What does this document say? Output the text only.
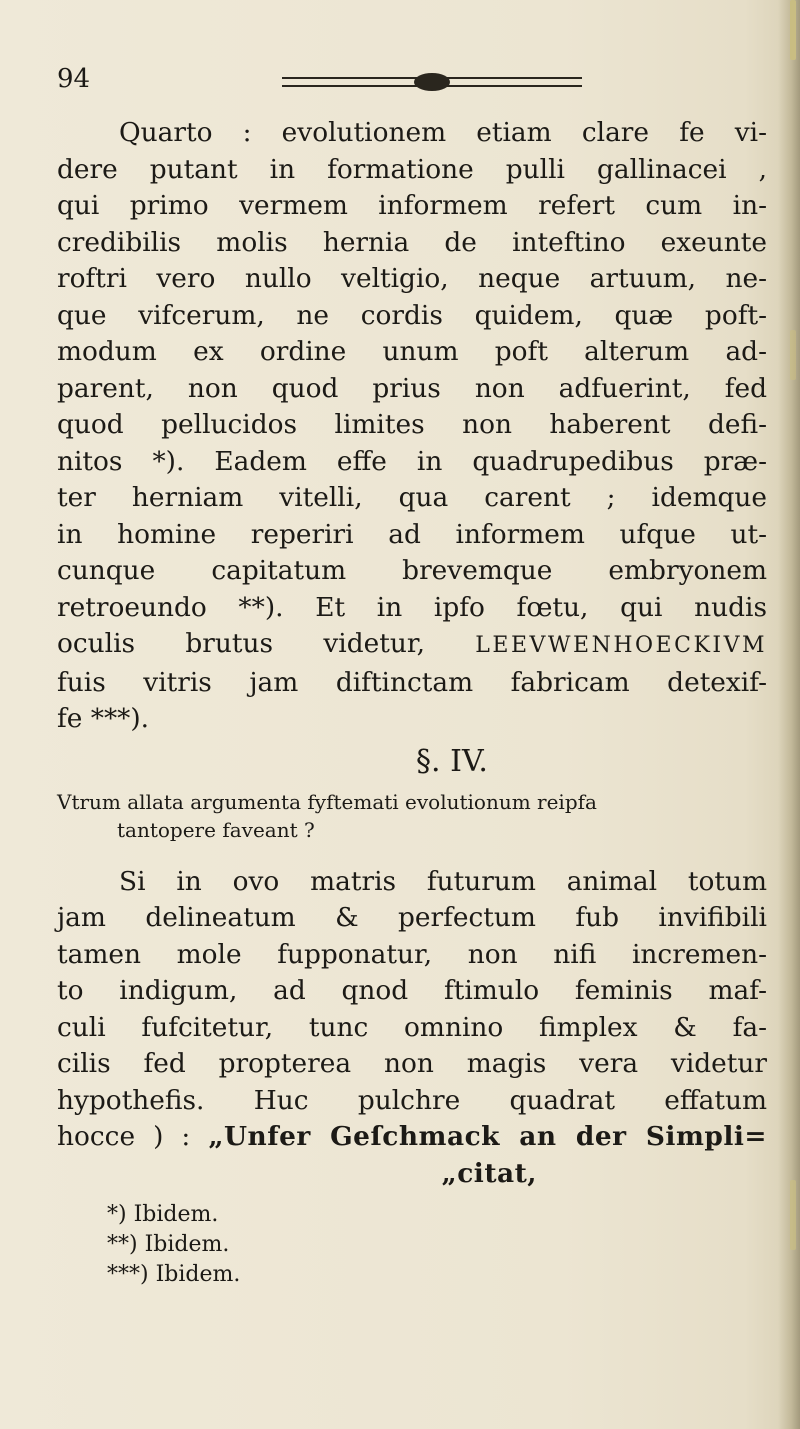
94

Quarto : evolutionem etiam clare fe vi-
dere putant in formatione pulli gallinacei ,
qui primo vermem informem refert cum in-
credibilis molis hernia de inteftino exeunte
roftri vero nullo veltigio, neque artuum, ne-
que vifcerum, ne cordis quidem, quæ poft-
modum ex ordine unum poft alterum ad-
parent, non quod prius non adfuerint, fed
quod pellucidos limites non haberent defi-
nitos *). Eadem effe in quadrupedibus præ-
ter herniam vitelli, qua carent ; idemque
in homine reperiri ad informem ufque ut-
cunque capitatum brevemque embryonem
retroeundo **). Et in ipfo fœtu, qui nudis
oculis brutus videtur, LEEVWENHOECKIVM
fuis vitris jam diftinctam fabricam detexif-
fe ***).

§. IV.

Vtrum allata argumenta fyftemati evolutionum reipfa
tantopere faveant ?

Si in ovo matris futurum animal totum
jam delineatum & perfectum fub invifibili
tamen mole fupponatur, non nifi incremen-
to indigum, ad qnod ftimulo feminis maf-
culi fufcitetur, tunc omnino fimplex & fa-
cilis fed propterea non magis vera videtur
hypothefis. Huc pulchre quadrat effatum
hocce ) : „Unfer Geſchmack an der Simpli=
„citat,

*) Ibidem.
**) Ibidem.
***) Ibidem.
